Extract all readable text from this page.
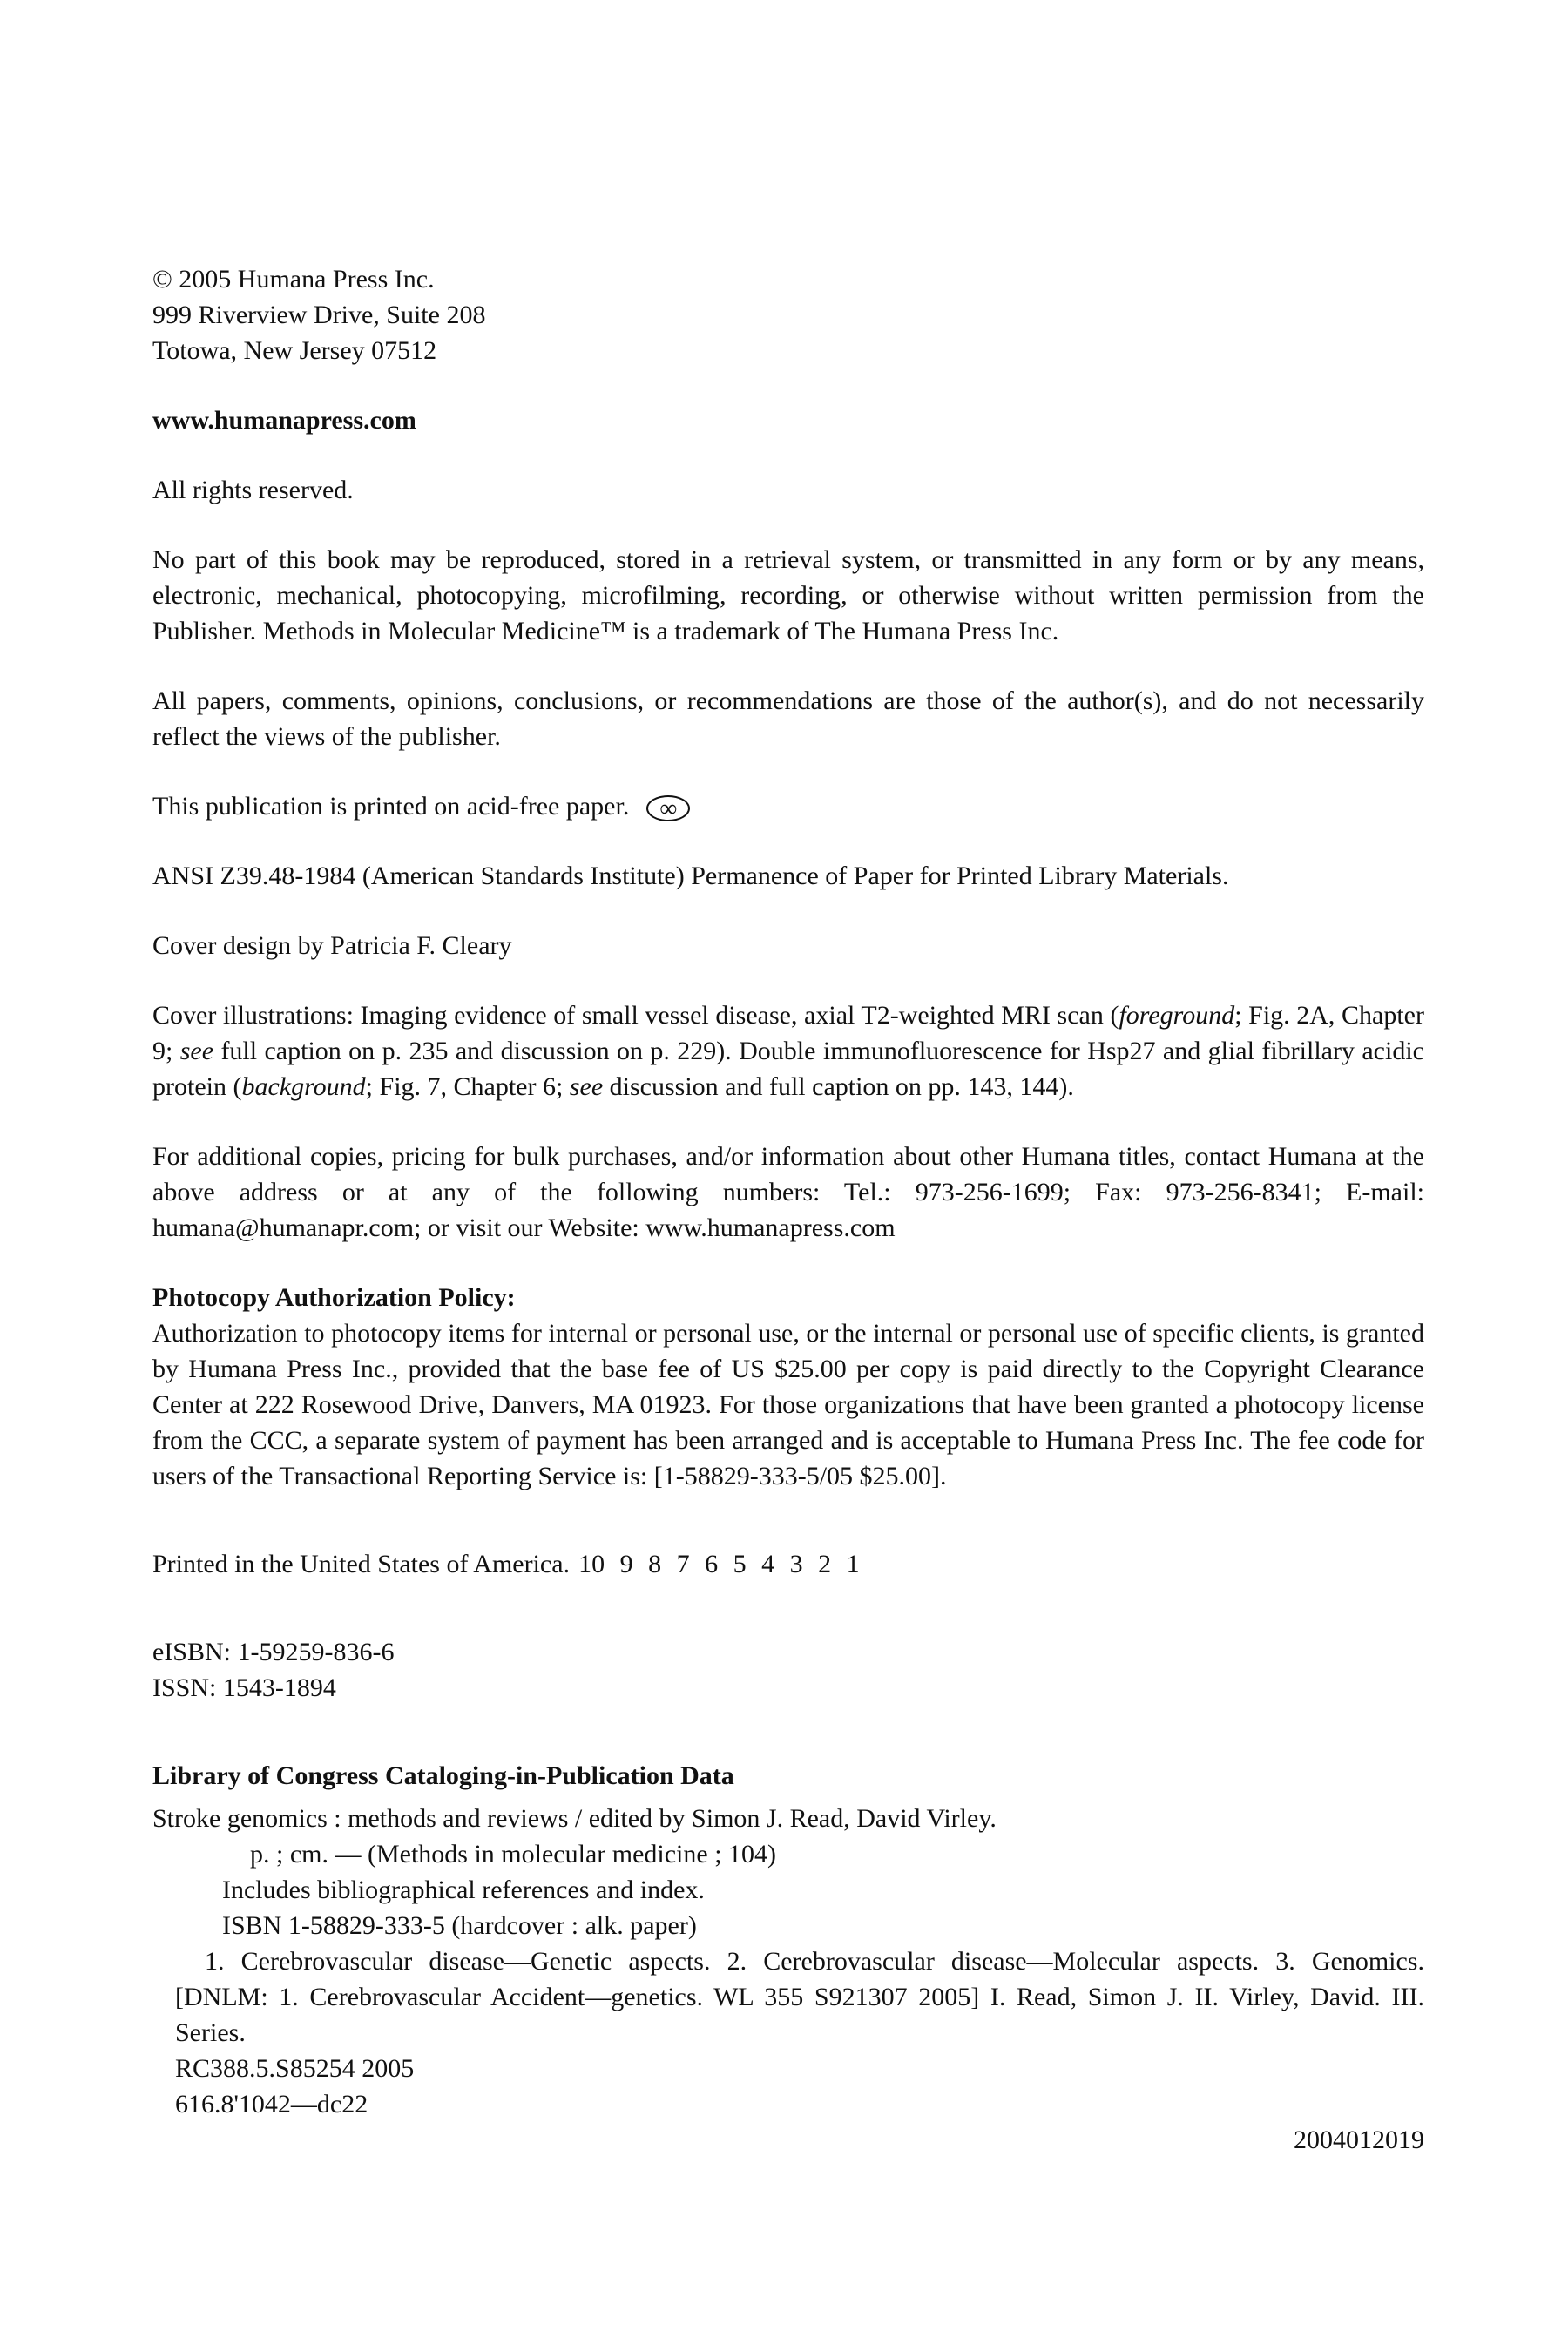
© 2005 Humana Press Inc.

999 Riverview Drive, Suite 208

Totowa, New Jersey 07512

www.humanapress.com

All rights reserved.

No part of this book may be reproduced, stored in a retrieval system, or transmitted in any form or by any means, electronic, mechanical, photocopying, microfilming, recording, or otherwise without written permission from the Publisher. Methods in Molecular Medicine™ is a trademark of The Humana Press Inc.

All papers, comments, opinions, conclusions, or recommendations are those of the author(s), and do not necessarily reflect the views of the publisher.

This publication is printed on acid-free paper. ∞

ANSI Z39.48-1984 (American Standards Institute) Permanence of Paper for Printed Library Materials.

Cover design by Patricia F. Cleary

Cover illustrations: Imaging evidence of small vessel disease, axial T2-weighted MRI scan (foreground; Fig. 2A, Chapter 9; see full caption on p. 235 and discussion on p. 229). Double immunofluorescence for Hsp27 and glial fibrillary acidic protein (background; Fig. 7, Chapter 6; see discussion and full caption on pp. 143, 144).

For additional copies, pricing for bulk purchases, and/or information about other Humana titles, contact Humana at the above address or at any of the following numbers: Tel.: 973-256-1699; Fax: 973-256-8341; E-mail: humana@humanapr.com; or visit our Website: www.humanapress.com

Photocopy Authorization Policy:

Authorization to photocopy items for internal or personal use, or the internal or personal use of specific clients, is granted by Humana Press Inc., provided that the base fee of US $25.00 per copy is paid directly to the Copyright Clearance Center at 222 Rosewood Drive, Danvers, MA 01923. For those organizations that have been granted a photocopy license from the CCC, a separate system of payment has been arranged and is acceptable to Humana Press Inc. The fee code for users of the Transactional Reporting Service is: [1-58829-333-5/05 $25.00].

Printed in the United States of America. 10 9 8 7 6 5 4 3 2 1

eISBN: 1-59259-836-6

ISSN: 1543-1894

Library of Congress Cataloging-in-Publication Data

Stroke genomics : methods and reviews / edited by Simon J. Read, David Virley.

p. ; cm. — (Methods in molecular medicine ; 104)

Includes bibliographical references and index.

ISBN 1-58829-333-5 (hardcover : alk. paper)

1. Cerebrovascular disease—Genetic aspects. 2. Cerebrovascular disease—Molecular aspects. 3. Genomics. [DNLM: 1. Cerebrovascular Accident—genetics. WL 355 S921307 2005] I. Read, Simon J. II. Virley, David. III. Series.

RC388.5.S85254 2005

616.8'1042—dc22

2004012019
